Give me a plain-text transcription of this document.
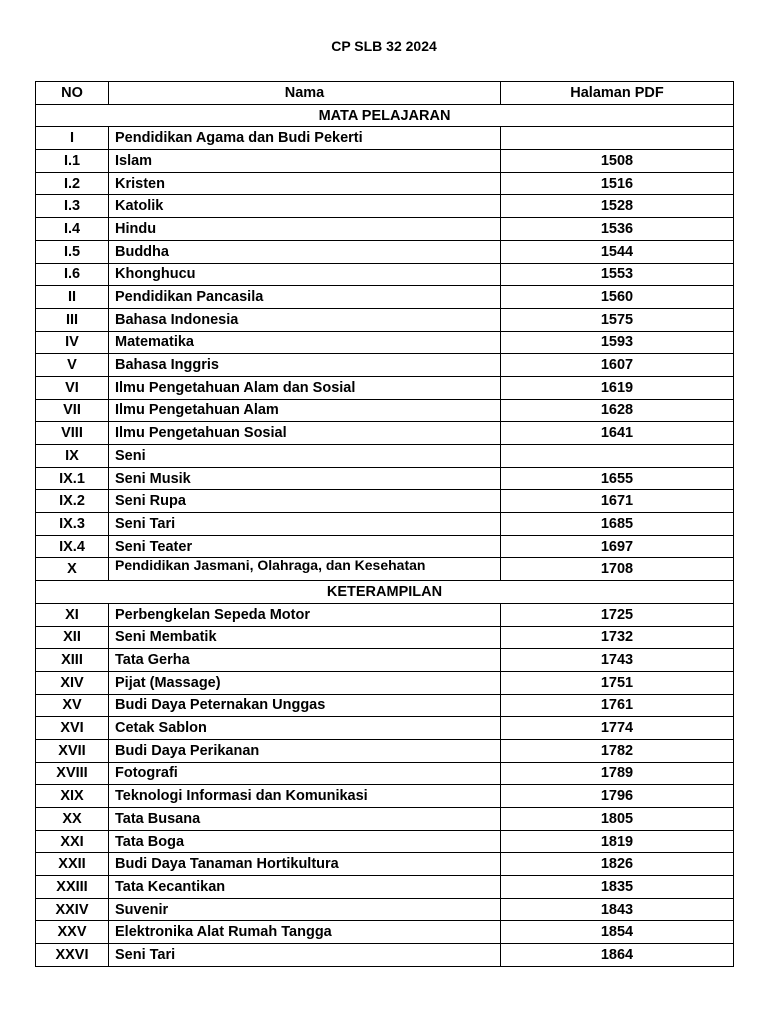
CP SLB 32 2024
NO	Nama	Halaman PDF
MATA PELAJARAN		
I	Pendidikan Agama dan Budi Pekerti	
I.1	Islam	1508
I.2	Kristen	1516
I.3	Katolik	1528
I.4	Hindu	1536
I.5	Buddha	1544
I.6	Khonghucu	1553
II	Pendidikan Pancasila	1560
III	Bahasa Indonesia	1575
IV	Matematika	1593
V	Bahasa Inggris	1607
VI	Ilmu Pengetahuan Alam dan Sosial	1619
VII	Ilmu Pengetahuan Alam	1628
VIII	Ilmu Pengetahuan Sosial	1641
IX	Seni	
IX.1	Seni Musik	1655
IX.2	Seni Rupa	1671
IX.3	Seni Tari	1685
IX.4	Seni Teater	1697
X	Pendidikan Jasmani, Olahraga, dan Kesehatan	1708
KETERAMPILAN		
XI	Perbengkelan Sepeda Motor	1725
XII	Seni Membatik	1732
XIII	Tata Gerha	1743
XIV	Pijat (Massage)	1751
XV	Budi Daya Peternakan Unggas	1761
XVI	Cetak Sablon	1774
XVII	Budi Daya Perikanan	1782
XVIII	Fotografi	1789
XIX	Teknologi Informasi dan Komunikasi	1796
XX	Tata Busana	1805
XXI	Tata Boga	1819
XXII	Budi Daya Tanaman Hortikultura	1826
XXIII	Tata Kecantikan	1835
XXIV	Suvenir	1843
XXV	Elektronika Alat Rumah Tangga	1854
XXVI	Seni Tari	1864
